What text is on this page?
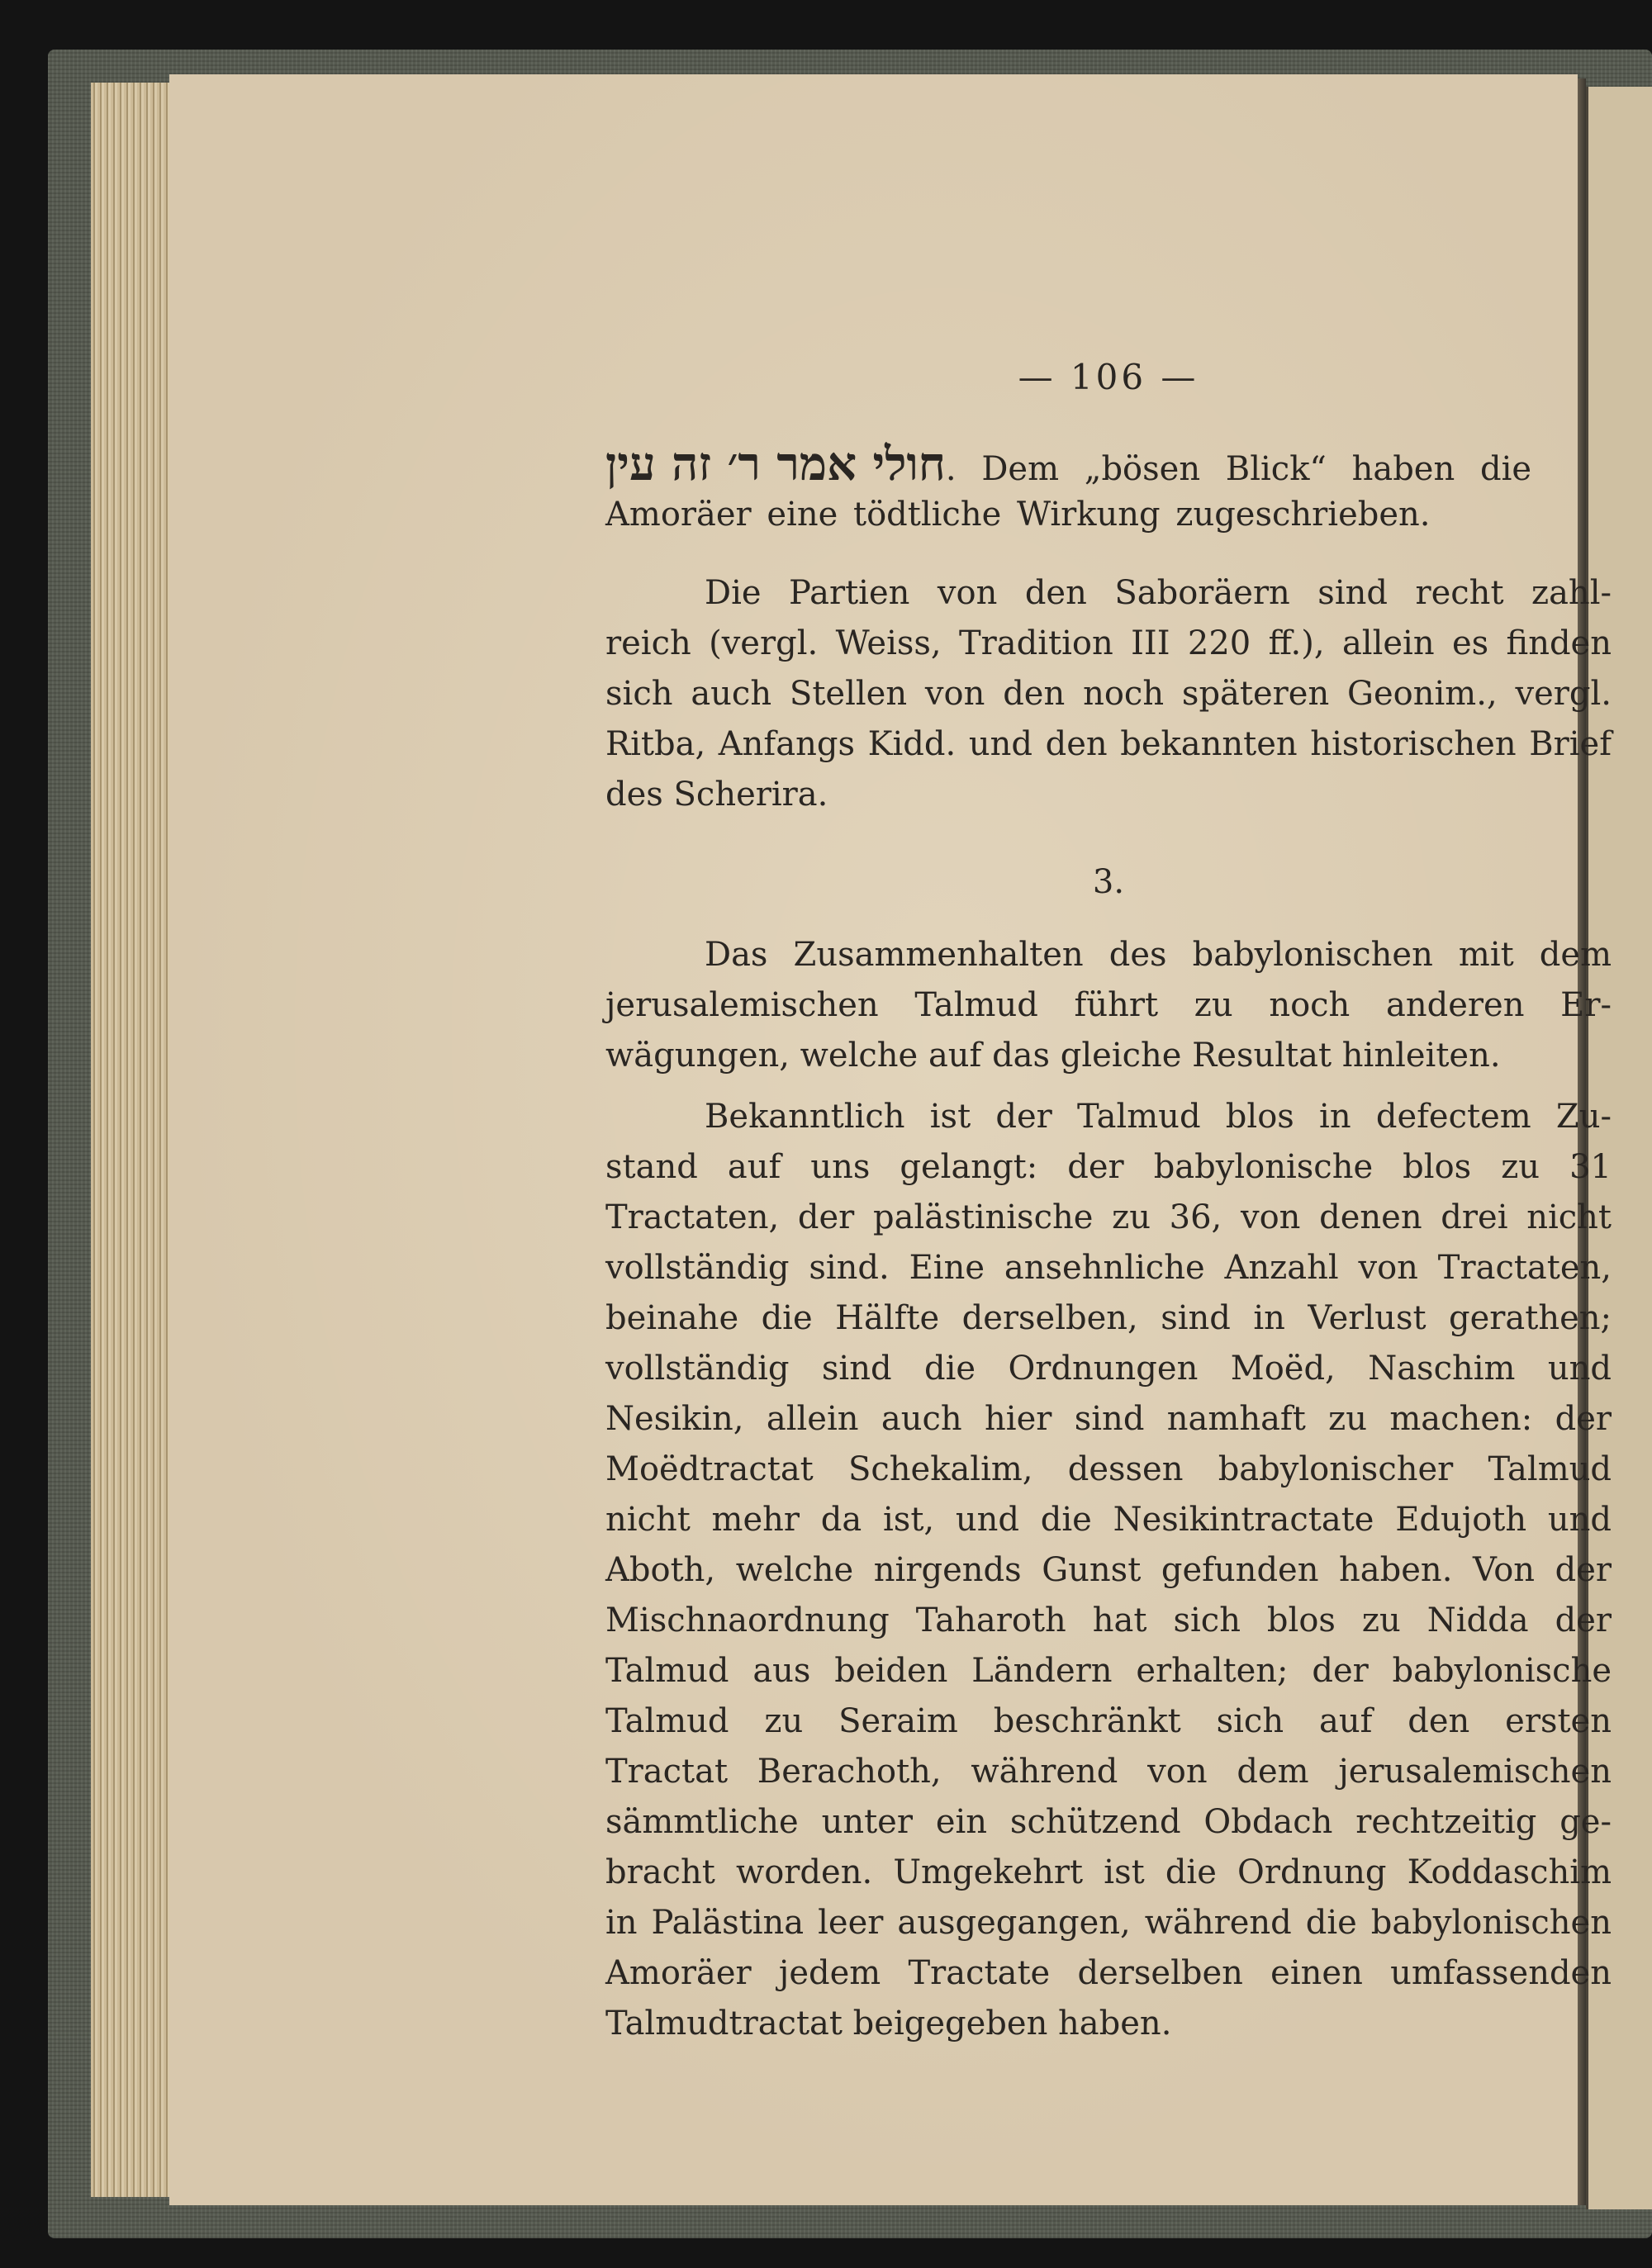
— 106 —
חולי אמר ר׳ זה עין. Dem „bösen Blick“ haben die
Amoräer eine tödtliche Wirkung zugeschrieben.
Die Partien von den Saboräern sind recht zahl-
reich (vergl. Weiss, Tradition III 220 ff.), allein es finden
sich auch Stellen von den noch späteren Geonim., vergl.
Ritba, Anfangs Kidd. und den bekannten historischen Brief
des Scherira.
3.
Das Zusammenhalten des babylonischen mit dem
jerusalemischen Talmud führt zu noch anderen Er-
wägungen, welche auf das gleiche Resultat hinleiten.
Bekanntlich ist der Talmud blos in defectem Zu-
stand auf uns gelangt: der babylonische blos zu 31
Tractaten, der palästinische zu 36, von denen drei nicht
vollständig sind. Eine ansehnliche Anzahl von Tractaten,
beinahe die Hälfte derselben, sind in Verlust gerathen;
vollständig sind die Ordnungen Moëd, Naschim und
Nesikin, allein auch hier sind namhaft zu machen: der
Moëdtractat Schekalim, dessen babylonischer Talmud
nicht mehr da ist, und die Nesikintractate Edujoth und
Aboth, welche nirgends Gunst gefunden haben. Von der
Mischnaordnung Taharoth hat sich blos zu Nidda der
Talmud aus beiden Ländern erhalten; der babylonische
Talmud zu Seraim beschränkt sich auf den ersten
Tractat Berachoth, während von dem jerusalemischen
sämmtliche unter ein schützend Obdach rechtzeitig ge-
bracht worden. Umgekehrt ist die Ordnung Koddaschim
in Palästina leer ausgegangen, während die babylonischen
Amoräer jedem Tractate derselben einen umfassenden
Talmudtractat beigegeben haben.
